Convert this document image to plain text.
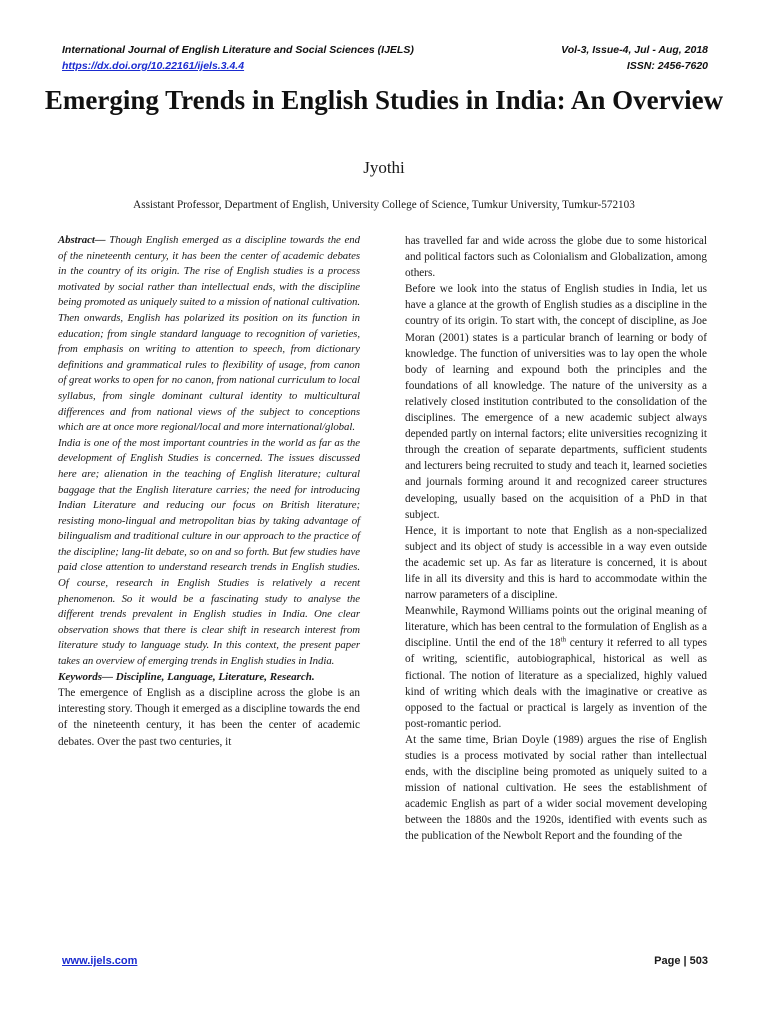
International Journal of English Literature and Social Sciences (IJELS)	Vol-3, Issue-4, Jul - Aug, 2018
https://dx.doi.org/10.22161/ijels.3.4.4	ISSN: 2456-7620
Emerging Trends in English Studies in India: An Overview
Jyothi
Assistant Professor, Department of English, University College of Science, Tumkur University, Tumkur-572103

Abstract— Though English emerged as a discipline towards the end of the nineteenth century, it has been the center of academic debates in the country of its origin. The rise of English studies is a process motivated by social rather than intellectual ends, with the discipline being promoted as uniquely suited to a mission of national cultivation. Then onwards, English has polarized its position on its function in education; from single standard language to recognition of varieties, from emphasis on writing to attention to speech, from dictionary definitions and grammatical rules to flexibility of usage, from canon of great works to open for no canon, from national curriculum to local syllabus, from single dominant cultural identity to multicultural differences and from national views of the subject to conceptions which are at once more regional/local and more international/global.

India is one of the most important countries in the world as far as the development of English Studies is concerned. The issues discussed here are; alienation in the teaching of English literature; cultural baggage that the English literature carries; the need for introducing Indian Literature and reducing our focus on British literature; resisting mono-lingual and metropolitan bias by taking advantage of bilingualism and traditional culture in our approach to the practice of the discipline; lang-lit debate, so on and so forth. But few studies have paid close attention to understand research trends in English studies. Of course, research in English Studies is relatively a recent phenomenon. So it would be a fascinating study to analyse the different trends prevalent in English studies in India. One clear observation shows that there is clear shift in research interest from literature study to language study. In this context, the present paper takes an overview of emerging trends in English studies in India.

Keywords— Discipline, Language, Literature, Research.

The emergence of English as a discipline across the globe is an interesting story. Though it emerged as a discipline towards the end of the nineteenth century, it has been the center of academic debates. Over the past two centuries, it

has travelled far and wide across the globe due to some historical and political factors such as Colonialism and Globalization, among others.

Before we look into the status of English studies in India, let us have a glance at the growth of English studies as a discipline in the country of its origin. To start with, the concept of discipline, as Joe Moran (2001) states is a particular branch of learning or body of knowledge. The function of universities was to lay open the whole body of learning and expound both the principles and the foundations of all knowledge. The nature of the university as a relatively closed institution contributed to the consolidation of the disciplines. The emergence of a new academic subject always depended partly on internal factors; elite universities recognizing it through the creation of separate departments, sufficient students and lecturers being recruited to study and teach it, learned societies and journals forming around it and recognized career structures developing, usually based on the acquisition of a PhD in that subject.

Hence, it is important to note that English as a non-specialized subject and its object of study is accessible in a way even outside the academic set up. As far as literature is concerned, it is about life in all its diversity and this is hard to accommodate within the narrow parameters of a discipline.

Meanwhile, Raymond Williams points out the original meaning of literature, which has been central to the formulation of English as a discipline. Until the end of the 18th century it referred to all types of writing, scientific, autobiographical, historical as well as fictional. The notion of literature as a specialized, highly valued kind of writing which deals with the imaginative or creative as opposed to the factual or practical is largely as invention of the post-romantic period.

At the same time, Brian Doyle (1989) argues the rise of English studies is a process motivated by social rather than intellectual ends, with the discipline being promoted as uniquely suited to a mission of national cultivation. He sees the establishment of academic English as part of a wider social movement developing between the 1880s and the 1920s, identified with events such as the publication of the Newbolt Report and the founding of the

www.ijels.com	Page | 503
